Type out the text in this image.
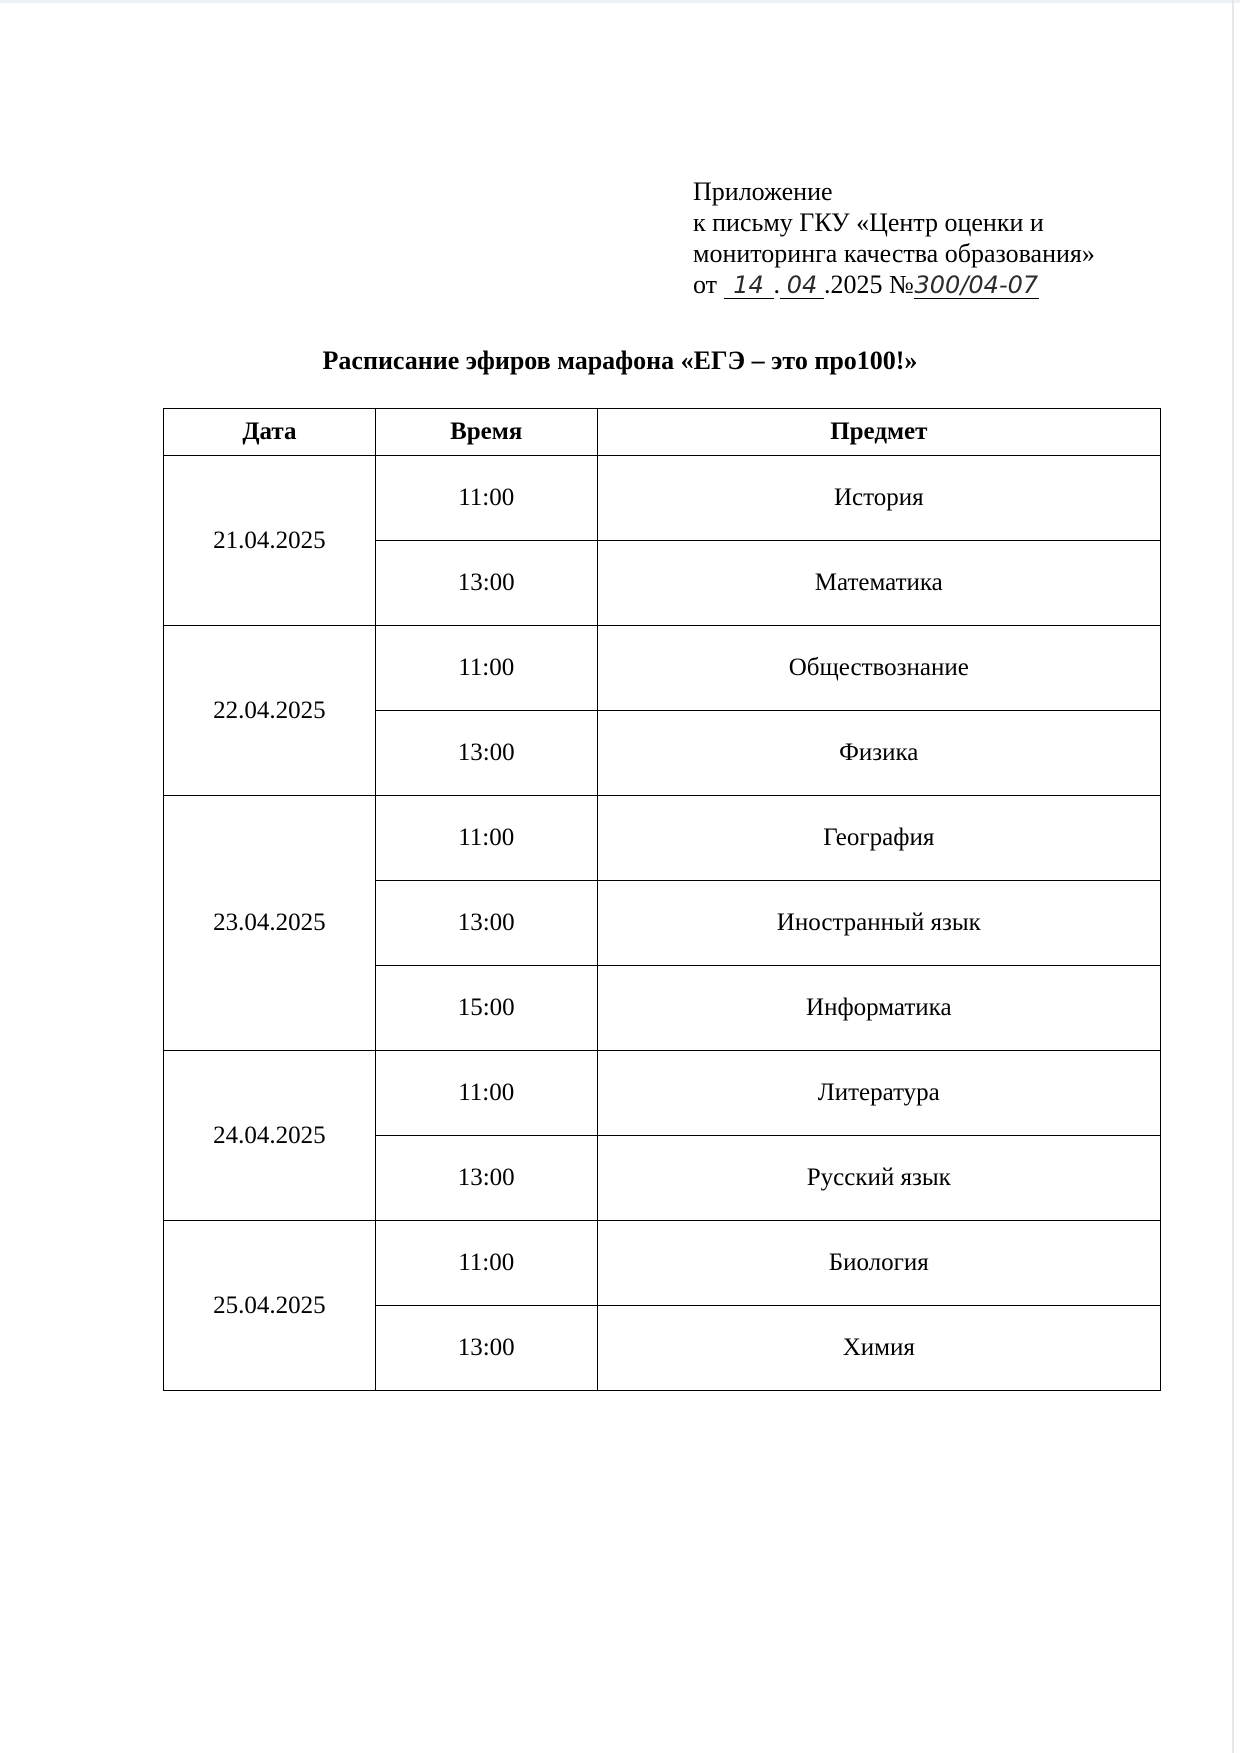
Приложение
к письму ГКУ «Центр оценки и
мониторинга качества образования»
от 14 . 04 .2025 №300/04-07
Расписание эфиров марафона «ЕГЭ – это про100!»
Дата	Время	Предмет
21.04.2025	11:00	История
	13:00	Математика
22.04.2025	11:00	Обществознание
	13:00	Физика
23.04.2025	11:00	География
	13:00	Иностранный язык
	15:00	Информатика
24.04.2025	11:00	Литература
	13:00	Русский язык
25.04.2025	11:00	Биология
	13:00	Химия
